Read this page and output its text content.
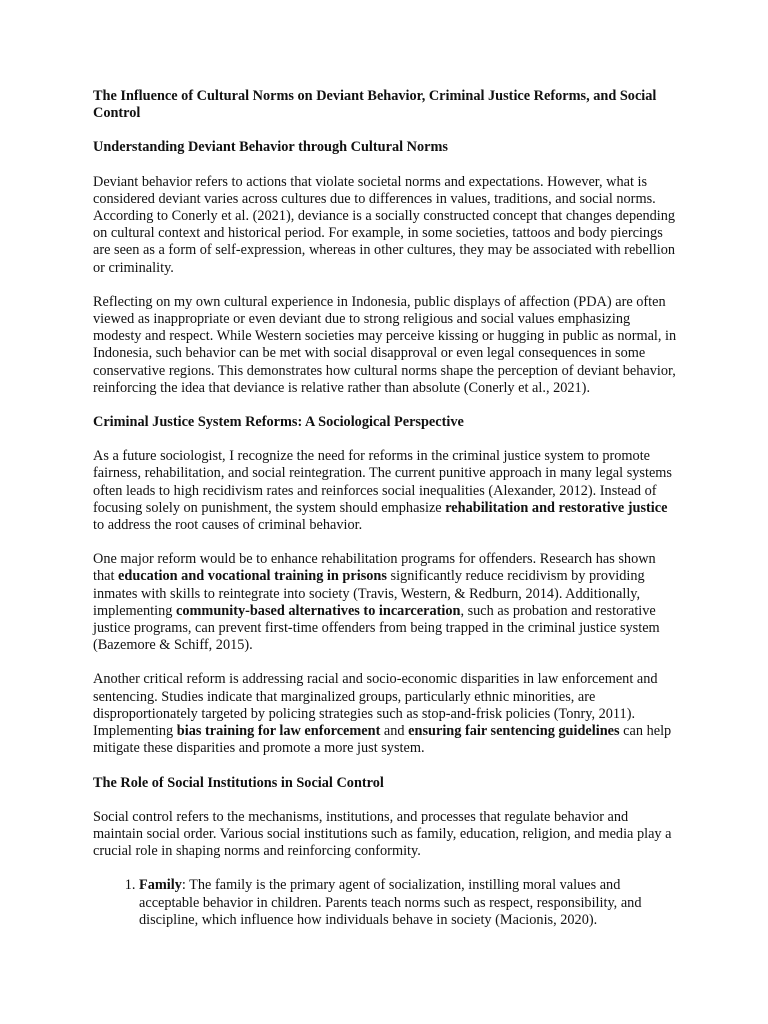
The Influence of Cultural Norms on Deviant Behavior, Criminal Justice Reforms, and Social Control
Understanding Deviant Behavior through Cultural Norms

Deviant behavior refers to actions that violate societal norms and expectations. However, what is considered deviant varies across cultures due to differences in values, traditions, and social norms. According to Conerly et al. (2021), deviance is a socially constructed concept that changes depending on cultural context and historical period. For example, in some societies, tattoos and body piercings are seen as a form of self-expression, whereas in other cultures, they may be associated with rebellion or criminality.

Reflecting on my own cultural experience in Indonesia, public displays of affection (PDA) are often viewed as inappropriate or even deviant due to strong religious and social values emphasizing modesty and respect. While Western societies may perceive kissing or hugging in public as normal, in Indonesia, such behavior can be met with social disapproval or even legal consequences in some conservative regions. This demonstrates how cultural norms shape the perception of deviant behavior, reinforcing the idea that deviance is relative rather than absolute (Conerly et al., 2021).

Criminal Justice System Reforms: A Sociological Perspective

As a future sociologist, I recognize the need for reforms in the criminal justice system to promote fairness, rehabilitation, and social reintegration. The current punitive approach in many legal systems often leads to high recidivism rates and reinforces social inequalities (Alexander, 2012). Instead of focusing solely on punishment, the system should emphasize rehabilitation and restorative justice to address the root causes of criminal behavior.

One major reform would be to enhance rehabilitation programs for offenders. Research has shown that education and vocational training in prisons significantly reduce recidivism by providing inmates with skills to reintegrate into society (Travis, Western, & Redburn, 2014). Additionally, implementing community-based alternatives to incarceration, such as probation and restorative justice programs, can prevent first-time offenders from being trapped in the criminal justice system (Bazemore & Schiff, 2015).

Another critical reform is addressing racial and socio-economic disparities in law enforcement and sentencing. Studies indicate that marginalized groups, particularly ethnic minorities, are disproportionately targeted by policing strategies such as stop-and-frisk policies (Tonry, 2011). Implementing bias training for law enforcement and ensuring fair sentencing guidelines can help mitigate these disparities and promote a more just system.

The Role of Social Institutions in Social Control

Social control refers to the mechanisms, institutions, and processes that regulate behavior and maintain social order. Various social institutions such as family, education, religion, and media play a crucial role in shaping norms and reinforcing conformity.

1. Family: The family is the primary agent of socialization, instilling moral values and acceptable behavior in children. Parents teach norms such as respect, responsibility, and discipline, which influence how individuals behave in society (Macionis, 2020).
